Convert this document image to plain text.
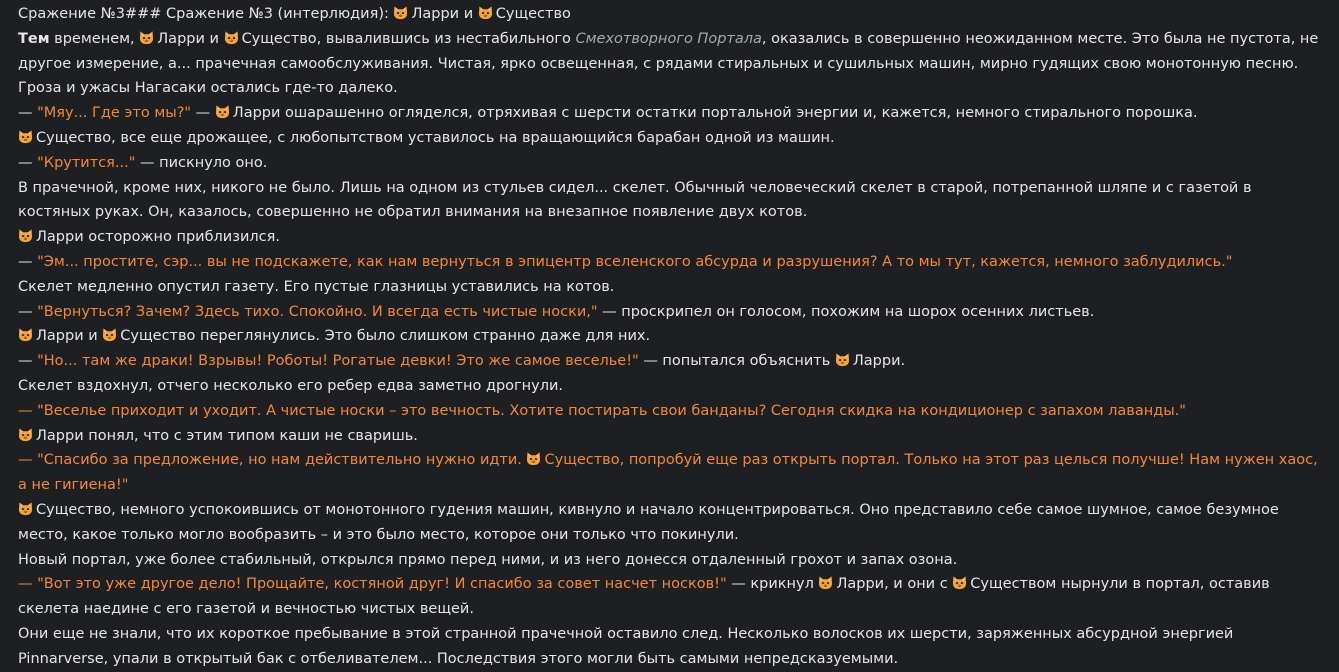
Сражение №3### Сражение №3 (интерлюдия):
Ларри и Существо

Тем временем,
Ларри и
Существо, вывалившись из нестабильного Смехотворного Портала, оказались в совершенно неожиданном месте. Это была не пустота, не другое измерение, а... прачечная самообслуживания. Чистая, ярко освещенная, с рядами стиральных и сушильных машин, мирно гудящих свою монотонную песню. Гроза и ужасы Нагасаки остались где-то далеко.

— "Мяу... Где это мы?" —
Ларри ошарашенно огляделся, отряхивая с шерсти остатки портальной энергии и, кажется, немного стирального порошка.

Существо, все еще дрожащее, с любопытством уставилось на вращающийся барабан одной из машин.

— "Крутится..." — пискнуло оно.

В прачечной, кроме них, никого не было. Лишь на одном из стульев сидел... скелет. Обычный человеческий скелет в старой, потрепанной шляпе и с газетой в костяных руках. Он, казалось, совершенно не обратил внимания на внезапное появление двух котов.

Ларри осторожно приблизился.

— "Эм... простите, сэр... вы не подскажете, как нам вернуться в эпицентр вселенского абсурда и разрушения? А то мы тут, кажется, немного заблудились."

Скелет медленно опустил газету. Его пустые глазницы уставились на котов.

— "Вернуться? Зачем? Здесь тихо. Спокойно. И всегда есть чистые носки," — проскрипел он голосом, похожим на шорох осенних листьев.

Ларри и Существо переглянулись. Это было слишком странно даже для них.

— "Но... там же драки! Взрывы! Роботы! Рогатые девки! Это же самое веселье!" — попытался объяснить
Ларри.

Скелет вздохнул, отчего несколько его ребер едва заметно дрогнули.

— "Веселье приходит и уходит. А чистые носки – это вечность. Хотите постирать свои банданы? Сегодня скидка на кондиционер с запахом лаванды."

Ларри понял, что с этим типом каши не сваришь.

— "Спасибо за предложение, но нам действительно нужно идти.
Существо, попробуй еще раз открыть портал. Только на этот раз целься получше! Нам нужен хаос, а не гигиена!"

Существо, немного успокоившись от монотонного гудения машин, кивнуло и начало концентрироваться. Оно представило себе самое шумное, самое безумное место, какое только могло вообразить – и это было место, которое они только что покинули.

Новый портал, уже более стабильный, открылся прямо перед ними, и из него донесся отдаленный грохот и запах озона.

— "Вот это уже другое дело! Прощайте, костяной друг! И спасибо за совет насчет носков!" — крикнул
Ларри, и они с
Существом нырнули в портал, оставив скелета наедине с его газетой и вечностью чистых вещей.

Они еще не знали, что их короткое пребывание в этой странной прачечной оставило след. Несколько волосков их шерсти, заряженных абсурдной энергией Pinnarverse, упали в открытый бак с отбеливателем... Последствия этого могли быть самыми непредсказуемыми.
